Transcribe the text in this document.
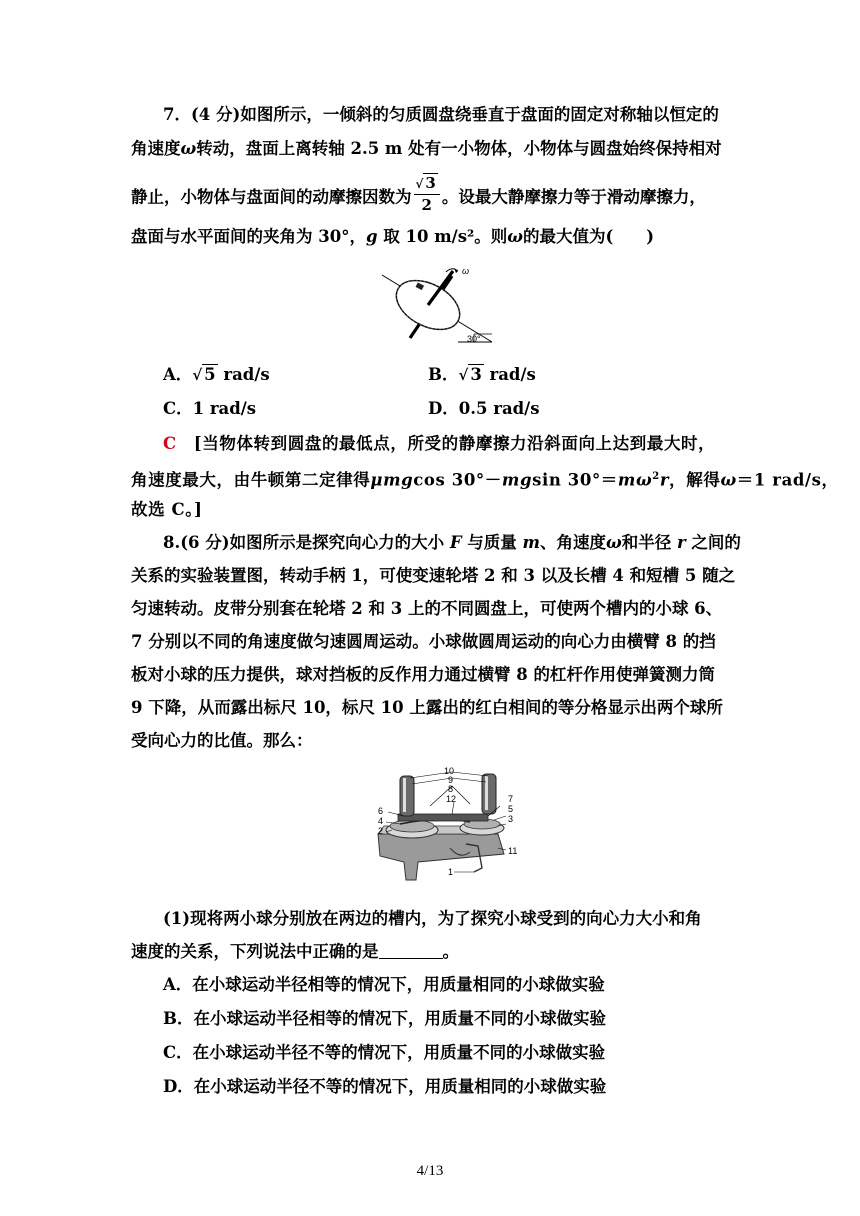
7．(4 分)如图所示，一倾斜的匀质圆盘绕垂直于盘面的固定对称轴以恒定的
角速度ω转动，盘面上离转轴 2.5 m 处有一小物体，小物体与圆盘始终保持相对
静止，小物体与盘面间的动摩擦因数为 $\frac{√ 3}{2}$ 。设最大静摩擦力等于滑动摩擦力，
盘面与水平面间的夹角为 30°，g 取 10 m/s²。则ω的最大值为(　　)
ω
30°
A．√ 5 rad/s	B．√ 3 rad/s
C．1 rad/s	D．0.5 rad/s
C　[当物体转到圆盘的最低点，所受的静摩擦力沿斜面向上达到最大时，
角速度最大，由牛顿第二定律得μmgcos 30°－mgsin $30^\circ=m\omega^2r$，解得ω＝1 rad/s，
故选 C。]
8.(6 分)如图所示是探究向心力的大小 F 与质量 m、角速度ω和半径 r 之间的
关系的实验装置图，转动手柄 1，可使变速轮塔 2 和 3 以及长槽 4 和短槽 5 随之
匀速转动。皮带分别套在轮塔 2 和 3 上的不同圆盘上，可使两个槽内的小球 6、
7 分别以不同的角速度做匀速圆周运动。小球做圆周运动的向心力由横臂 8 的挡
板对小球的压力提供，球对挡板的反作用力通过横臂 8 的杠杆作用使弹簧测力筒
9 下降，从而露出标尺 10，标尺 10 上露出的红白相间的等分格显示出两个球所
受向心力的比值。那么：
10
9
8
12
6
4
2
7
5
3
11
1
(1)现将两小球分别放在两边的槽内，为了探究小球受到的向心力大小和角
速度的关系，下列说法中正确的是	。
A．在小球运动半径相等的情况下，用质量相同的小球做实验
B．在小球运动半径相等的情况下，用质量不同的小球做实验
C．在小球运动半径不等的情况下，用质量不同的小球做实验
D．在小球运动半径不等的情况下，用质量相同的小球做实验
4/13
